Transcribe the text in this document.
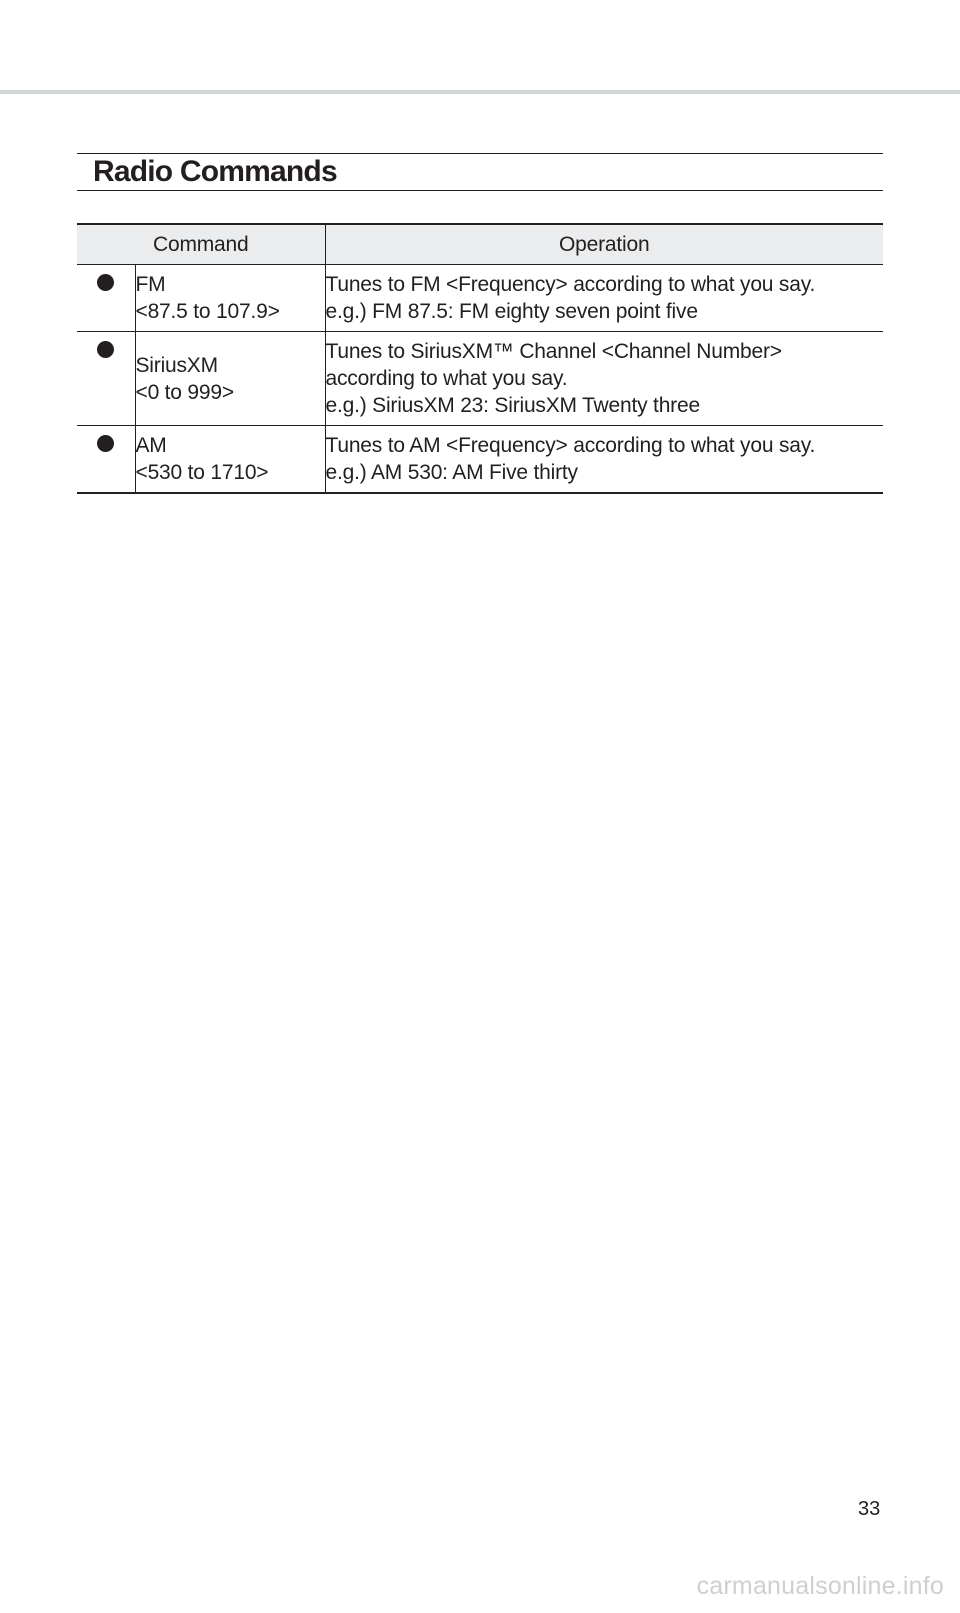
Radio Commands
Command		Operation

	FM
<87.5 to 107.9>	Tunes to FM <Frequency> according to what you say.
e.g.) FM 87.5: FM eighty seven point five

	SiriusXM
<0 to 999>	Tunes to SiriusXM™ Channel <Channel Number>
according to what you say.
e.g.) SiriusXM 23: SiriusXM Twenty three

	AM
<530 to 1710>	Tunes to AM <Frequency> according to what you say.
e.g.) AM 530: AM Five thirty
33
carmanualsonline.info
